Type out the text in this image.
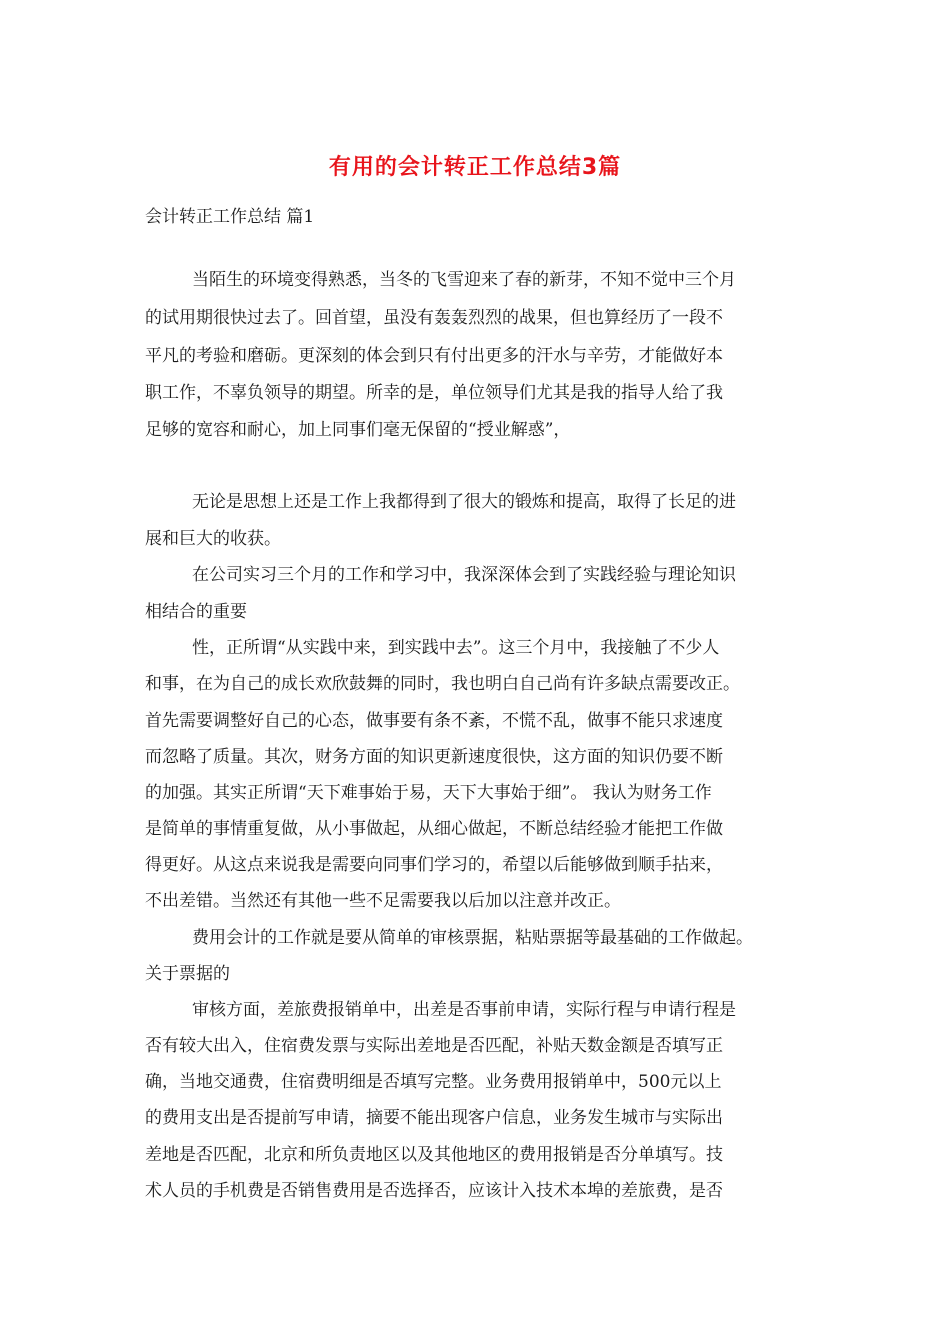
有用的会计转正工作总结3篇
会计转正工作总结 篇1
当陌生的环境变得熟悉，当冬的飞雪迎来了春的新芽，不知不觉中三个月
的试用期很快过去了。回首望，虽没有轰轰烈烈的战果，但也算经历了一段不
平凡的考验和磨砺。更深刻的体会到只有付出更多的汗水与辛劳，才能做好本
职工作，不辜负领导的期望。所幸的是，单位领导们尤其是我的指导人给了我
足够的宽容和耐心，加上同事们毫无保留的“授业解惑”，
无论是思想上还是工作上我都得到了很大的锻炼和提高，取得了长足的进
展和巨大的收获。
在公司实习三个月的工作和学习中，我深深体会到了实践经验与理论知识
相结合的重要
性，正所谓“从实践中来，到实践中去”。这三个月中，我接触了不少人
和事，在为自己的成长欢欣鼓舞的同时，我也明白自己尚有许多缺点需要改正。
首先需要调整好自己的心态，做事要有条不紊，不慌不乱，做事不能只求速度
而忽略了质量。其次，财务方面的知识更新速度很快，这方面的知识仍要不断
的加强。其实正所谓“天下难事始于易，天下大事始于细”。 我认为财务工作
是简单的事情重复做，从小事做起，从细心做起，不断总结经验才能把工作做
得更好。从这点来说我是需要向同事们学习的，希望以后能够做到顺手拈来，
不出差错。当然还有其他一些不足需要我以后加以注意并改正。
费用会计的工作就是要从简单的审核票据，粘贴票据等最基础的工作做起。
关于票据的
审核方面，差旅费报销单中，出差是否事前申请，实际行程与申请行程是
否有较大出入，住宿费发票与实际出差地是否匹配，补贴天数金额是否填写正
确，当地交通费，住宿费明细是否填写完整。业务费用报销单中，500元以上
的费用支出是否提前写申请，摘要不能出现客户信息，业务发生城市与实际出
差地是否匹配，北京和所负责地区以及其他地区的费用报销是否分单填写。技
术人员的手机费是否销售费用是否选择否，应该计入技术本埠的差旅费，是否
